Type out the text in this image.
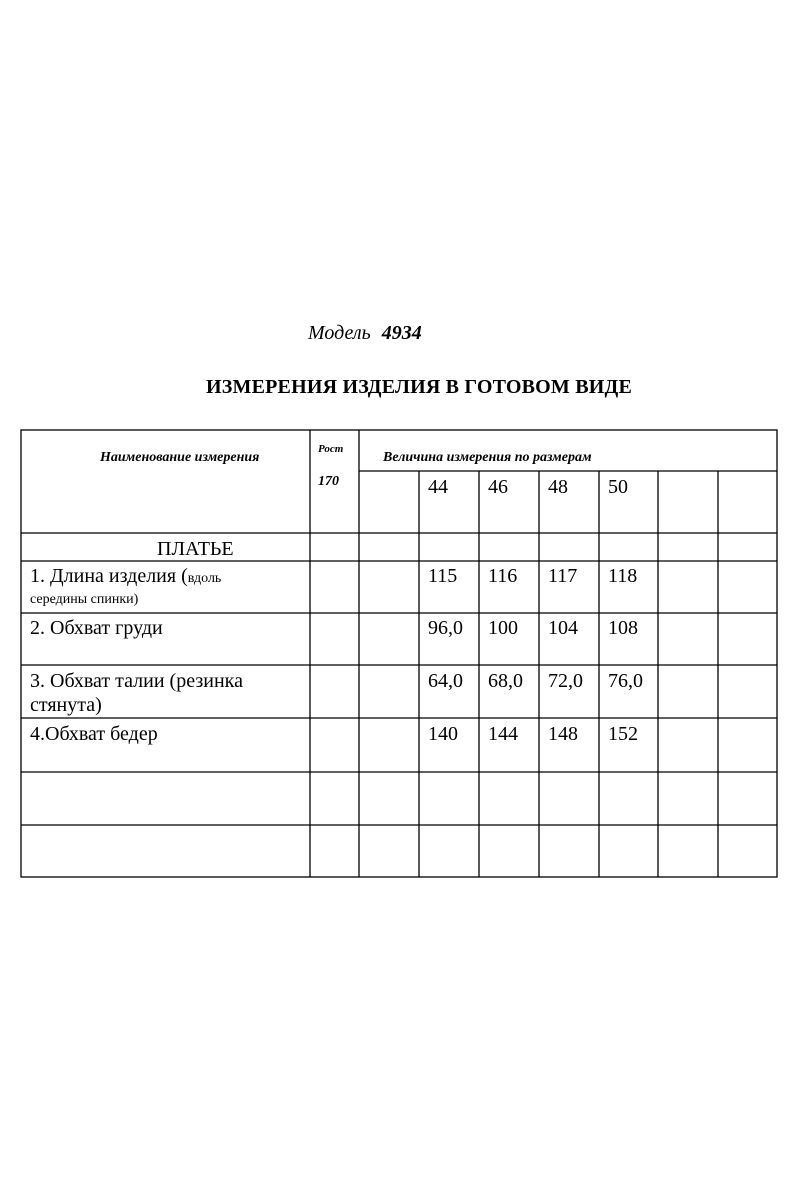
Модель 4934
ИЗМЕРЕНИЯ ИЗДЕЛИЯ В ГОТОВОМ ВИДЕ
Наименование измерения
Рост
170
Величина измерения по размерам
44 46 48 50
ПЛАТЬЕ
1. Длина изделия (вдоль
середины спинки)
115 116 117 118
2. Обхват груди	96,0 100 104 108
3. Обхват талии (резинка
стянута)
64,0 68,0 72,0 76,0
4.Обхват бедер	140 144 148 152
